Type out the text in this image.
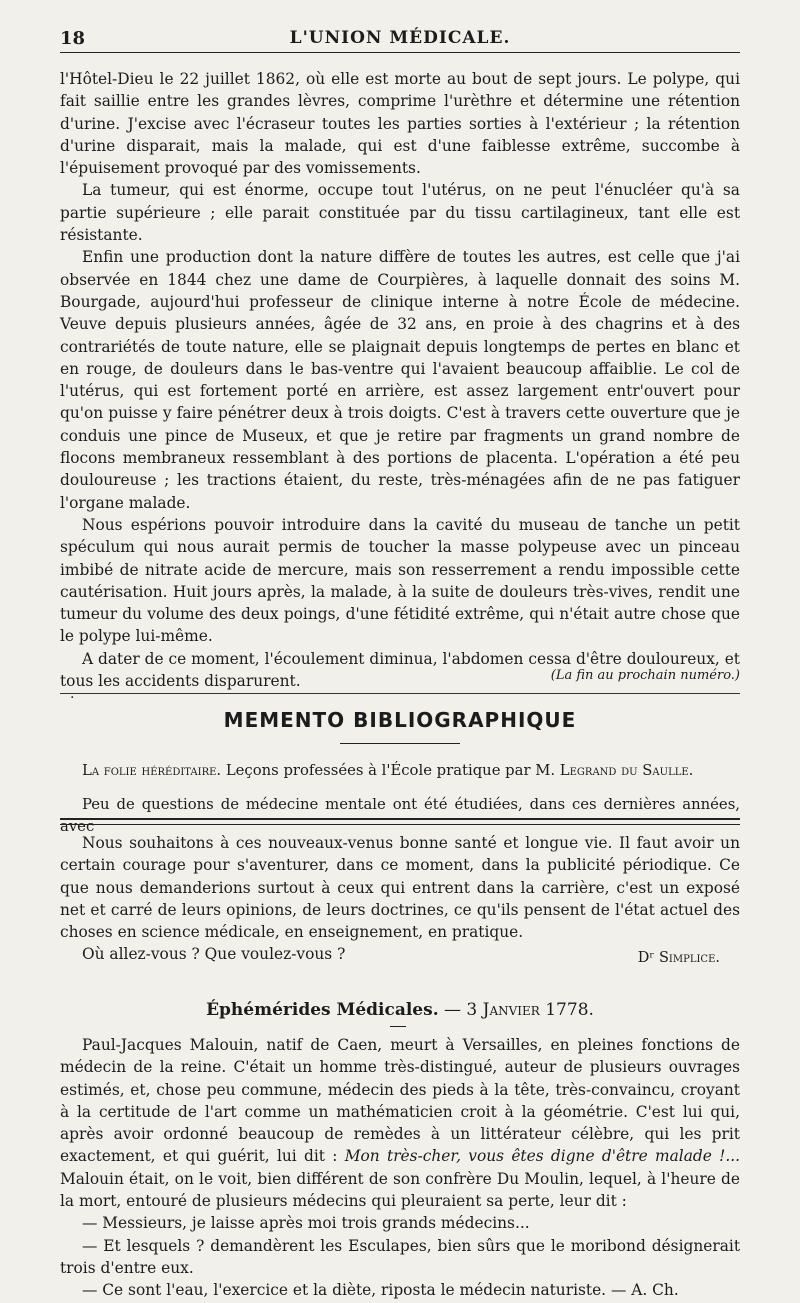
18	L'UNION MÉDICALE.

l'Hôtel-Dieu le 22 juillet 1862, où elle est morte au bout de sept jours. Le polype, qui fait saillie entre les grandes lèvres, comprime l'urèthre et détermine une rétention d'urine. J'excise avec l'écraseur toutes les parties sorties à l'extérieur ; la rétention d'urine disparait, mais la malade, qui est d'une faiblesse extrême, succombe à l'épuisement provoqué par des vomissements.

La tumeur, qui est énorme, occupe tout l'utérus, on ne peut l'énucléer qu'à sa partie supérieure ; elle parait constituée par du tissu cartilagineux, tant elle est résistante.

Enfin une production dont la nature diffère de toutes les autres, est celle que j'ai observée en 1844 chez une dame de Courpières, à laquelle donnait des soins M. Bourgade, aujourd'hui professeur de clinique interne à notre École de médecine. Veuve depuis plusieurs années, âgée de 32 ans, en proie à des chagrins et à des contrariétés de toute nature, elle se plaignait depuis longtemps de pertes en blanc et en rouge, de douleurs dans le bas-ventre qui l'avaient beaucoup affaiblie. Le col de l'utérus, qui est fortement porté en arrière, est assez largement entr'ouvert pour qu'on puisse y faire pénétrer deux à trois doigts. C'est à travers cette ouverture que je conduis une pince de Museux, et que je retire par fragments un grand nombre de flocons membraneux ressemblant à des portions de placenta. L'opération a été peu douloureuse ; les tractions étaient, du reste, très-ménagées afin de ne pas fatiguer l'organe malade.

Nous espérions pouvoir introduire dans la cavité du museau de tanche un petit spéculum qui nous aurait permis de toucher la masse polypeuse avec un pinceau imbibé de nitrate acide de mercure, mais son resserrement a rendu impossible cette cautérisation. Huit jours après, la malade, à la suite de douleurs très-vives, rendit une tumeur du volume des deux poings, d'une fétidité extrême, qui n'était autre chose que le polype lui-même.

A dater de ce moment, l'écoulement diminua, l'abdomen cessa d'être douloureux, et tous les accidents disparurent.	(La fin au prochain numéro.)
.
MEMENTO BIBLIOGRAPHIQUE
La folie héréditaire. Leçons professées à l'École pratique par M. Legrand du Saulle.
Peu de questions de médecine mentale ont été étudiées, dans ces dernières années, avec

Nous souhaitons à ces nouveaux-venus bonne santé et longue vie. Il faut avoir un certain courage pour s'aventurer, dans ce moment, dans la publicité périodique. Ce que nous demanderions surtout à ceux qui entrent dans la carrière, c'est un exposé net et carré de leurs opinions, de leurs doctrines, ce qu'ils pensent de l'état actuel des choses en science médicale, en enseignement, en pratique.

Où allez-vous ? Que voulez-vous ?	Dʳ Simplice.
Éphémérides Médicales. — 3 Janvier 1778.

Paul-Jacques Malouin, natif de Caen, meurt à Versailles, en pleines fonctions de médecin de la reine. C'était un homme très-distingué, auteur de plusieurs ouvrages estimés, et, chose peu commune, médecin des pieds à la tête, très-convaincu, croyant à la certitude de l'art comme un mathématicien croit à la géométrie. C'est lui qui, après avoir ordonné beaucoup de remèdes à un littérateur célèbre, qui les prit exactement, et qui guérit, lui dit : Mon très-cher, vous êtes digne d'être malade !... Malouin était, on le voit, bien différent de son confrère Du Moulin, lequel, à l'heure de la mort, entouré de plusieurs médecins qui pleuraient sa perte, leur dit :

— Messieurs, je laisse après moi trois grands médecins...

— Et lesquels ? demandèrent les Esculapes, bien sûrs que le moribond désignerait trois d'entre eux.

— Ce sont l'eau, l'exercice et la diète, riposta le médecin naturiste. — A. Ch.
